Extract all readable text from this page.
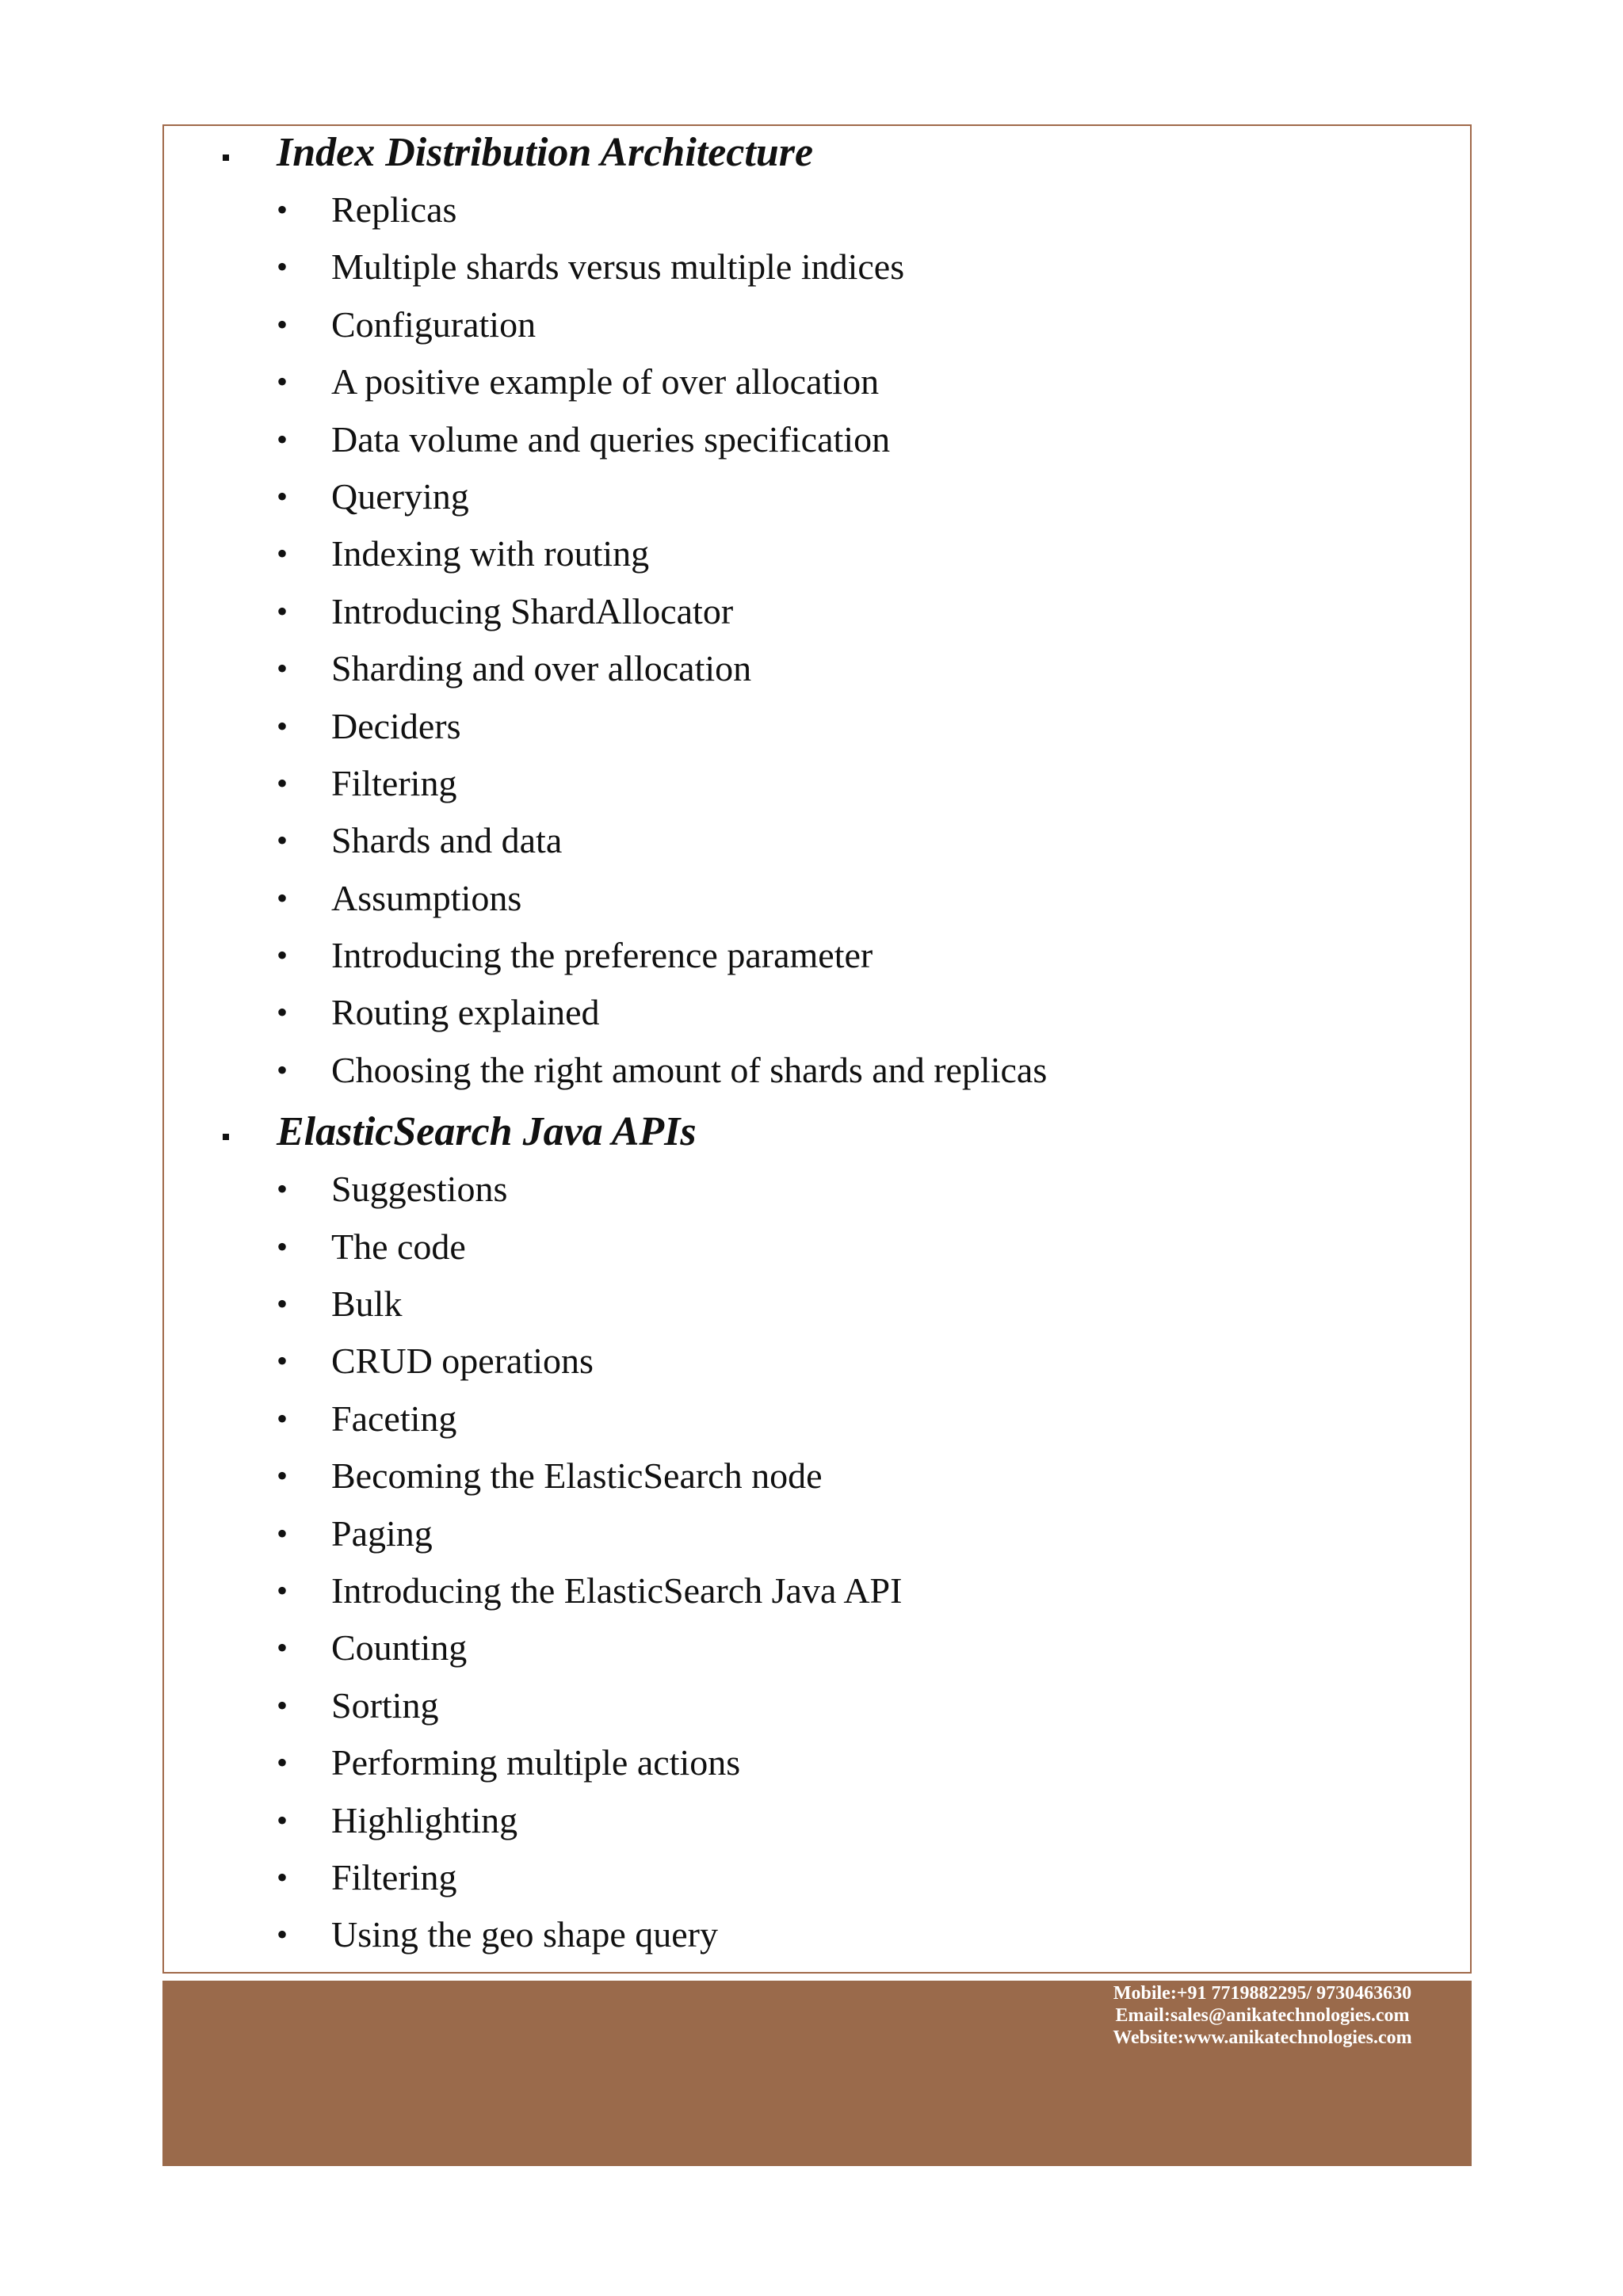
Index Distribution Architecture
• Replicas
• Multiple shards versus multiple indices
• Configuration
• A positive example of over allocation
• Data volume and queries specification
• Querying
• Indexing with routing
• Introducing ShardAllocator
• Sharding and over allocation
• Deciders
• Filtering
• Shards and data
• Assumptions
• Introducing the preference parameter
• Routing explained
• Choosing the right amount of shards and replicas
ElasticSearch Java APIs
• Suggestions
• The code
• Bulk
• CRUD operations
• Faceting
• Becoming the ElasticSearch node
• Paging
• Introducing the ElasticSearch Java API
• Counting
• Sorting
• Performing multiple actions
• Highlighting
• Filtering
• Using the geo shape query
Mobile:+91 7719882295/ 9730463630
Email:sales@anikatechnologies.com
Website:www.anikatechnologies.com
